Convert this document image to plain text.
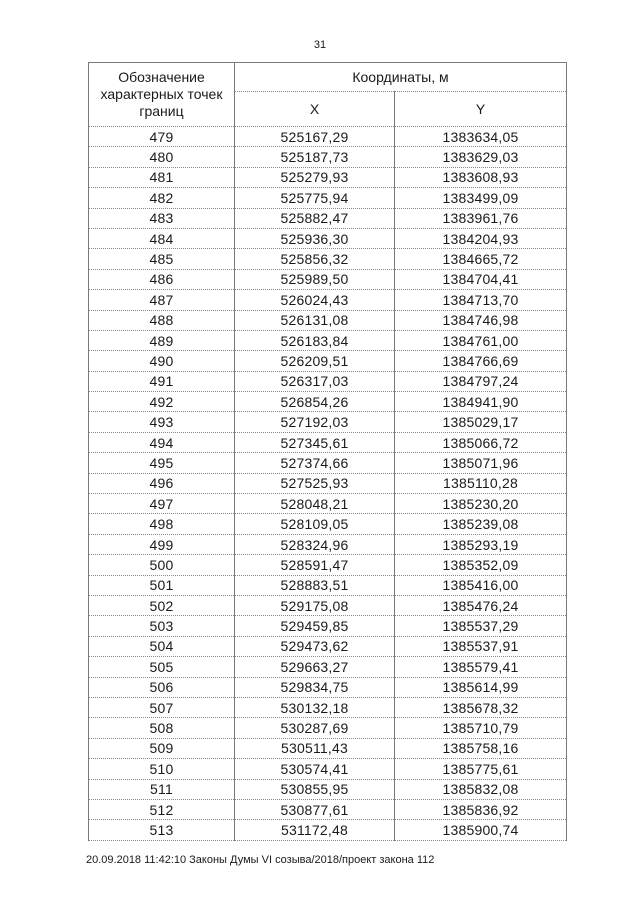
31
Обозначение характерных точек границ	Координаты, м	
	X	Y
479	525167,29	1383634,05
480	525187,73	1383629,03
481	525279,93	1383608,93
482	525775,94	1383499,09
483	525882,47	1383961,76
484	525936,30	1384204,93
485	525856,32	1384665,72
486	525989,50	1384704,41
487	526024,43	1384713,70
488	526131,08	1384746,98
489	526183,84	1384761,00
490	526209,51	1384766,69
491	526317,03	1384797,24
492	526854,26	1384941,90
493	527192,03	1385029,17
494	527345,61	1385066,72
495	527374,66	1385071,96
496	527525,93	1385110,28
497	528048,21	1385230,20
498	528109,05	1385239,08
499	528324,96	1385293,19
500	528591,47	1385352,09
501	528883,51	1385416,00
502	529175,08	1385476,24
503	529459,85	1385537,29
504	529473,62	1385537,91
505	529663,27	1385579,41
506	529834,75	1385614,99
507	530132,18	1385678,32
508	530287,69	1385710,79
509	530511,43	1385758,16
510	530574,41	1385775,61
511	530855,95	1385832,08
512	530877,61	1385836,92
513	531172,48	1385900,74
20.09.2018 11:42:10 Законы Думы VI созыва/2018/проект закона 112
